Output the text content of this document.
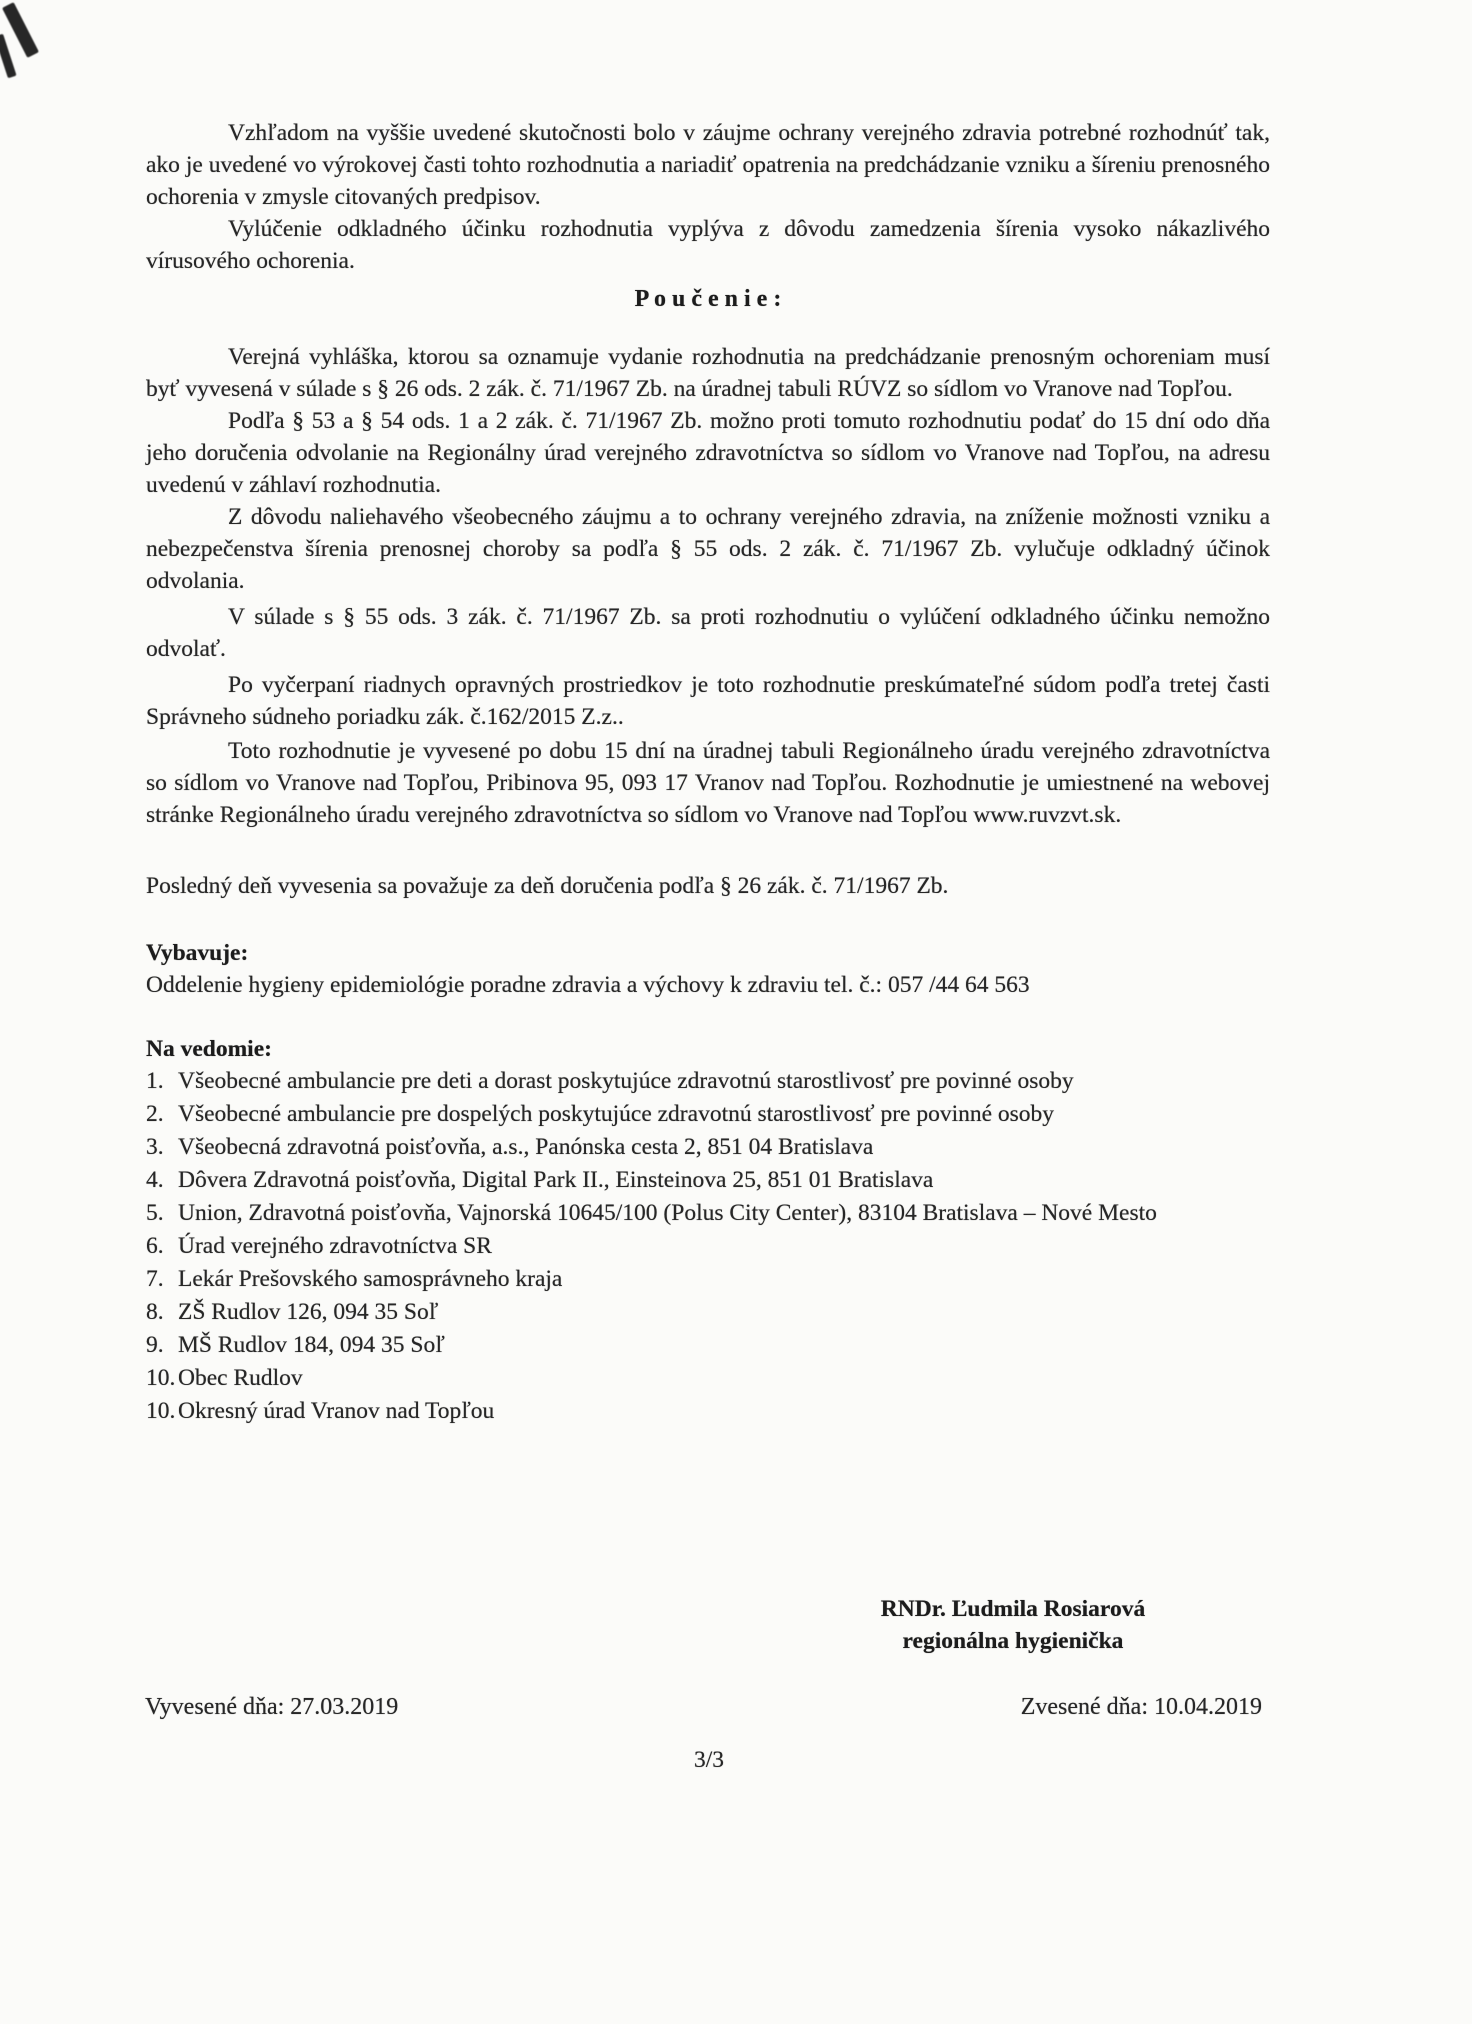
Vzhľadom na vyššie uvedené skutočnosti bolo v záujme ochrany verejného zdravia potrebné rozhodnúť tak, ako je uvedené vo výrokovej časti tohto rozhodnutia a nariadiť opatrenia na predchádzanie vzniku a šíreniu prenosného ochorenia v zmysle citovaných predpisov.

Vylúčenie odkladného účinku rozhodnutia vyplýva z dôvodu zamedzenia šírenia vysoko nákazlivého vírusového ochorenia.

P o u č e n i e :

Verejná vyhláška, ktorou sa oznamuje vydanie rozhodnutia na predchádzanie prenosným ochoreniam musí byť vyvesená v súlade s § 26 ods. 2 zák. č. 71/1967 Zb. na úradnej tabuli RÚVZ so sídlom vo Vranove nad Topľou.

Podľa § 53 a § 54 ods. 1 a 2 zák. č. 71/1967 Zb. možno proti tomuto rozhodnutiu podať do 15 dní odo dňa jeho doručenia odvolanie na Regionálny úrad verejného zdravotníctva so sídlom vo Vranove nad Topľou, na adresu uvedenú v záhlaví rozhodnutia.

Z dôvodu naliehavého všeobecného záujmu a to ochrany verejného zdravia, na zníženie možnosti vzniku a nebezpečenstva šírenia prenosnej choroby sa podľa § 55 ods. 2 zák. č. 71/1967 Zb. vylučuje odkladný účinok odvolania.

V súlade s § 55 ods. 3 zák. č. 71/1967 Zb. sa proti rozhodnutiu o vylúčení odkladného účinku nemožno odvolať.

Po vyčerpaní riadnych opravných prostriedkov je toto rozhodnutie preskúmateľné súdom podľa tretej časti Správneho súdneho poriadku zák. č.162/2015 Z.z..

Toto rozhodnutie je vyvesené po dobu 15 dní na úradnej tabuli Regionálneho úradu verejného zdravotníctva so sídlom vo Vranove nad Topľou, Pribinova 95, 093 17 Vranov nad Topľou. Rozhodnutie je umiestnené na webovej stránke Regionálneho úradu verejného zdravotníctva so sídlom vo Vranove nad Topľou www.ruvzvt.sk.

Posledný deň vyvesenia sa považuje za deň doručenia podľa § 26 zák. č. 71/1967 Zb.

Vybavuje:

Oddelenie hygieny epidemiológie poradne zdravia a výchovy k zdraviu tel. č.: 057 /44 64 563

Na vedomie:

1. Všeobecné ambulancie pre deti a dorast poskytujúce zdravotnú starostlivosť pre povinné osoby
2. Všeobecné ambulancie pre dospelých poskytujúce zdravotnú starostlivosť pre povinné osoby
3. Všeobecná zdravotná poisťovňa, a.s., Panónska cesta 2, 851 04 Bratislava
4. Dôvera Zdravotná poisťovňa, Digital Park II., Einsteinova 25, 851 01 Bratislava
5. Union, Zdravotná poisťovňa, Vajnorská 10645/100 (Polus City Center), 83104 Bratislava – Nové Mesto
6. Úrad verejného zdravotníctva SR
7. Lekár Prešovského samosprávneho kraja
8. ZŠ Rudlov 126, 094 35 Soľ
9. MŠ Rudlov 184, 094 35 Soľ
10. Obec Rudlov
10. Okresný úrad Vranov nad Topľou
RNDr. Ľudmila Rosiarová
regionálna hygienička
Vyvesené dňa: 27.03.2019	Zvesené dňa: 10.04.2019
3/3
